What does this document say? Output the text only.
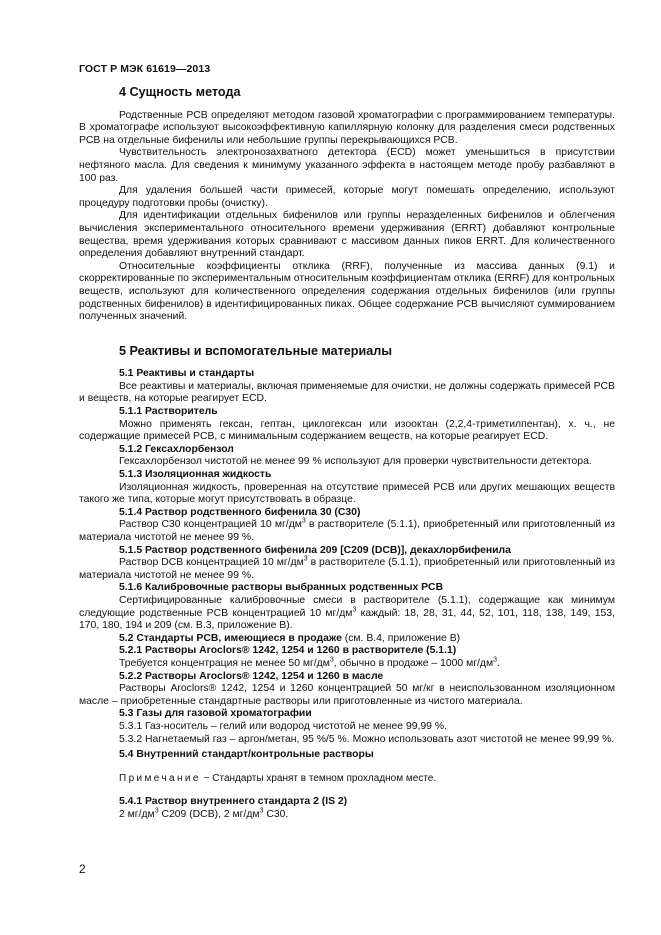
ГОСТ Р МЭК 61619—2013
4 Сущность метода

Родственные PCB определяют методом газовой хроматографии с программированием температуры. В хроматографе используют высокоэффективную капиллярную колонку для разделения смеси родственных PCB на отдельные бифенилы или небольшие группы перекрывающихся PCB.

Чувствительность электронозахватного детектора (ECD) может уменьшиться в присутствии нефтяного масла. Для сведения к минимуму указанного эффекта в настоящем методе пробу разбавляют в 100 раз.

Для удаления большей части примесей, которые могут помешать определению, используют процедуру подготовки пробы (очистку).

Для идентификации отдельных бифенилов или группы неразделенных бифенилов и облегчения вычисления экспериментального относительного времени удерживания (ERRT) добавляют контрольные вещества, время удерживания которых сравнивают с массивом данных пиков ERRT. Для количественного определения добавляют внутренний стандарт.

Относительные коэффициенты отклика (RRF), полученные из массива данных (9.1) и скорректированные по экспериментальным относительным коэффициентам отклика (ERRF) для контрольных веществ, используют для количественного определения содержания отдельных бифенилов (или группы родственных бифенилов) в идентифицированных пиках. Общее содержание PCB вычисляют суммированием полученных значений.

5 Реактивы и вспомогательные материалы
5.1 Реактивы и стандарты

Все реактивы и материалы, включая применяемые для очистки, не должны содержать примесей PCB и веществ, на которые реагирует ECD.

5.1.1 Растворитель

Можно применять гексан, гептан, циклогексан или изооктан (2,2,4-триметилпентан), х. ч., не содержащие примесей PCB, с минимальным содержанием веществ, на которые реагирует ECD.

5.1.2 Гексахлорбензол

Гексахлорбензол чистотой не менее 99 % используют для проверки чувствительности детектора.

5.1.3 Изоляционная жидкость

Изоляционная жидкость, проверенная на отсутствие примесей PCB или других мешающих веществ такого же типа, которые могут присутствовать в образце.

5.1.4 Раствор родственного бифенила 30 (С30)

Раствор С30 концентрацией 10 $мг/дм^3$ в растворителе (5.1.1), приобретенный или приготовленный из материала чистотой не менее 99 %.

5.1.5 Раствор родственного бифенила 209 [С209 (DCB)], декахлорбифенила

Раствор DCB концентрацией 10 $мг/дм^3$ в растворителе (5.1.1), приобретенный или приготовленный из материала чистотой не менее 99 %.

5.1.6 Калибровочные растворы выбранных родственных PCB

Сертифицированные калибровочные смеси в растворителе (5.1.1), содержащие как минимум следующие родственные PCB концентрацией 10 $мг/дм^3$ каждый: 18, 28, 31, 44, 52, 101, 118, 138, 149, 153, 170, 180, 194 и 209 (см. В.3, приложение В).

5.2 Стандарты PCB, имеющиеся в продаже (см. В.4, приложение В)
5.2.1 Растворы Aroclors® 1242, 1254 и 1260 в растворителе (5.1.1)

Требуется концентрация не менее 50 $мг/дм^3$, обычно в продаже – 1000 $мг/дм^3$.

5.2.2 Растворы Aroclors® 1242, 1254 и 1260 в масле

Растворы Aroclors® 1242, 1254 и 1260 концентрацией 50 мг/кг в неиспользованном изоляционном масле – приобретенные стандартные растворы или приготовленные из чистого материала.

5.3 Газы для газовой хроматографии

5.3.1 Газ-носитель – гелий или водород чистотой не менее 99,99 %.

5.3.2 Нагнетаемый газ – аргон/метан, 95 %/5 %. Можно использовать азот чистотой не менее 99,99 %.

5.4 Внутренний стандарт/контрольные растворы
Примечание − Стандарты хранят в темном прохладном месте.
5.4.1 Раствор внутреннего стандарта 2 (IS 2)

2 $мг/дм^3$ С209 (DCB), 2 $мг/дм^3$ С30.

2
